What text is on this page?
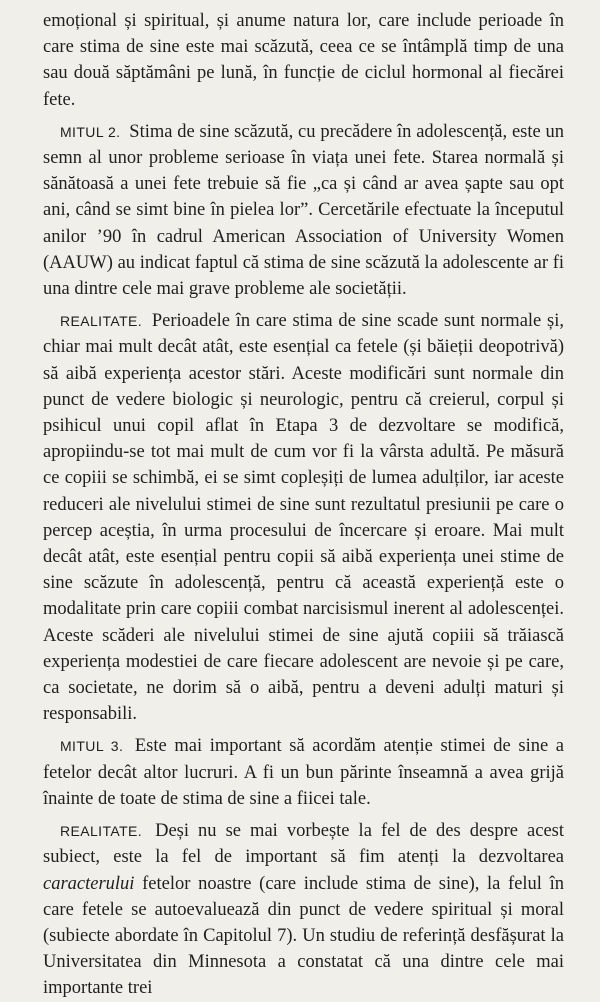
emoțional și spiritual, și anume natura lor, care include perioade în care stima de sine este mai scăzută, ceea ce se întâmplă timp de una sau două săptămâni pe lună, în funcție de ciclul hormonal al fiecărei fete.

MITUL 2. Stima de sine scăzută, cu precădere în adolescență, este un semn al unor probleme serioase în viața unei fete. Starea normală și sănătoasă a unei fete trebuie să fie „ca și când ar avea șapte sau opt ani, când se simt bine în pielea lor”. Cercetările efectuate la începutul anilor ’90 în cadrul American Association of University Women (AAUW) au indicat faptul că stima de sine scăzută la adolescente ar fi una dintre cele mai grave probleme ale societății.

REALITATE. Perioadele în care stima de sine scade sunt normale și, chiar mai mult decât atât, este esențial ca fetele (și băieții deopotrivă) să aibă experiența acestor stări. Aceste modificări sunt normale din punct de vedere biologic și neurologic, pentru că creierul, corpul și psihicul unui copil aflat în Etapa 3 de dezvoltare se modifică, apropiindu-se tot mai mult de cum vor fi la vârsta adultă. Pe măsură ce copiii se schimbă, ei se simt copleșiți de lumea adulților, iar aceste reduceri ale nivelului stimei de sine sunt rezultatul presiunii pe care o percep aceștia, în urma procesului de încercare și eroare. Mai mult decât atât, este esențial pentru copii să aibă experiența unei stime de sine scăzute în adolescență, pentru că această experiență este o modalitate prin care copiii combat narcisismul inerent al adolescenței. Aceste scăderi ale nivelului stimei de sine ajută copiii să trăiască experiența modestiei de care fiecare adolescent are nevoie și pe care, ca societate, ne dorim să o aibă, pentru a deveni adulți maturi și responsabili.

MITUL 3. Este mai important să acordăm atenție stimei de sine a fetelor decât altor lucruri. A fi un bun părinte înseamnă a avea grijă înainte de toate de stima de sine a fiicei tale.

REALITATE. Deși nu se mai vorbește la fel de des despre acest subiect, este la fel de important să fim atenți la dezvoltarea caracterului fetelor noastre (care include stima de sine), la felul în care fetele se autoevaluează din punct de vedere spiritual și moral (subiecte abordate în Capitolul 7). Un studiu de referință desfășurat la Universitatea din Minnesota a constatat că una dintre cele mai importante trei
